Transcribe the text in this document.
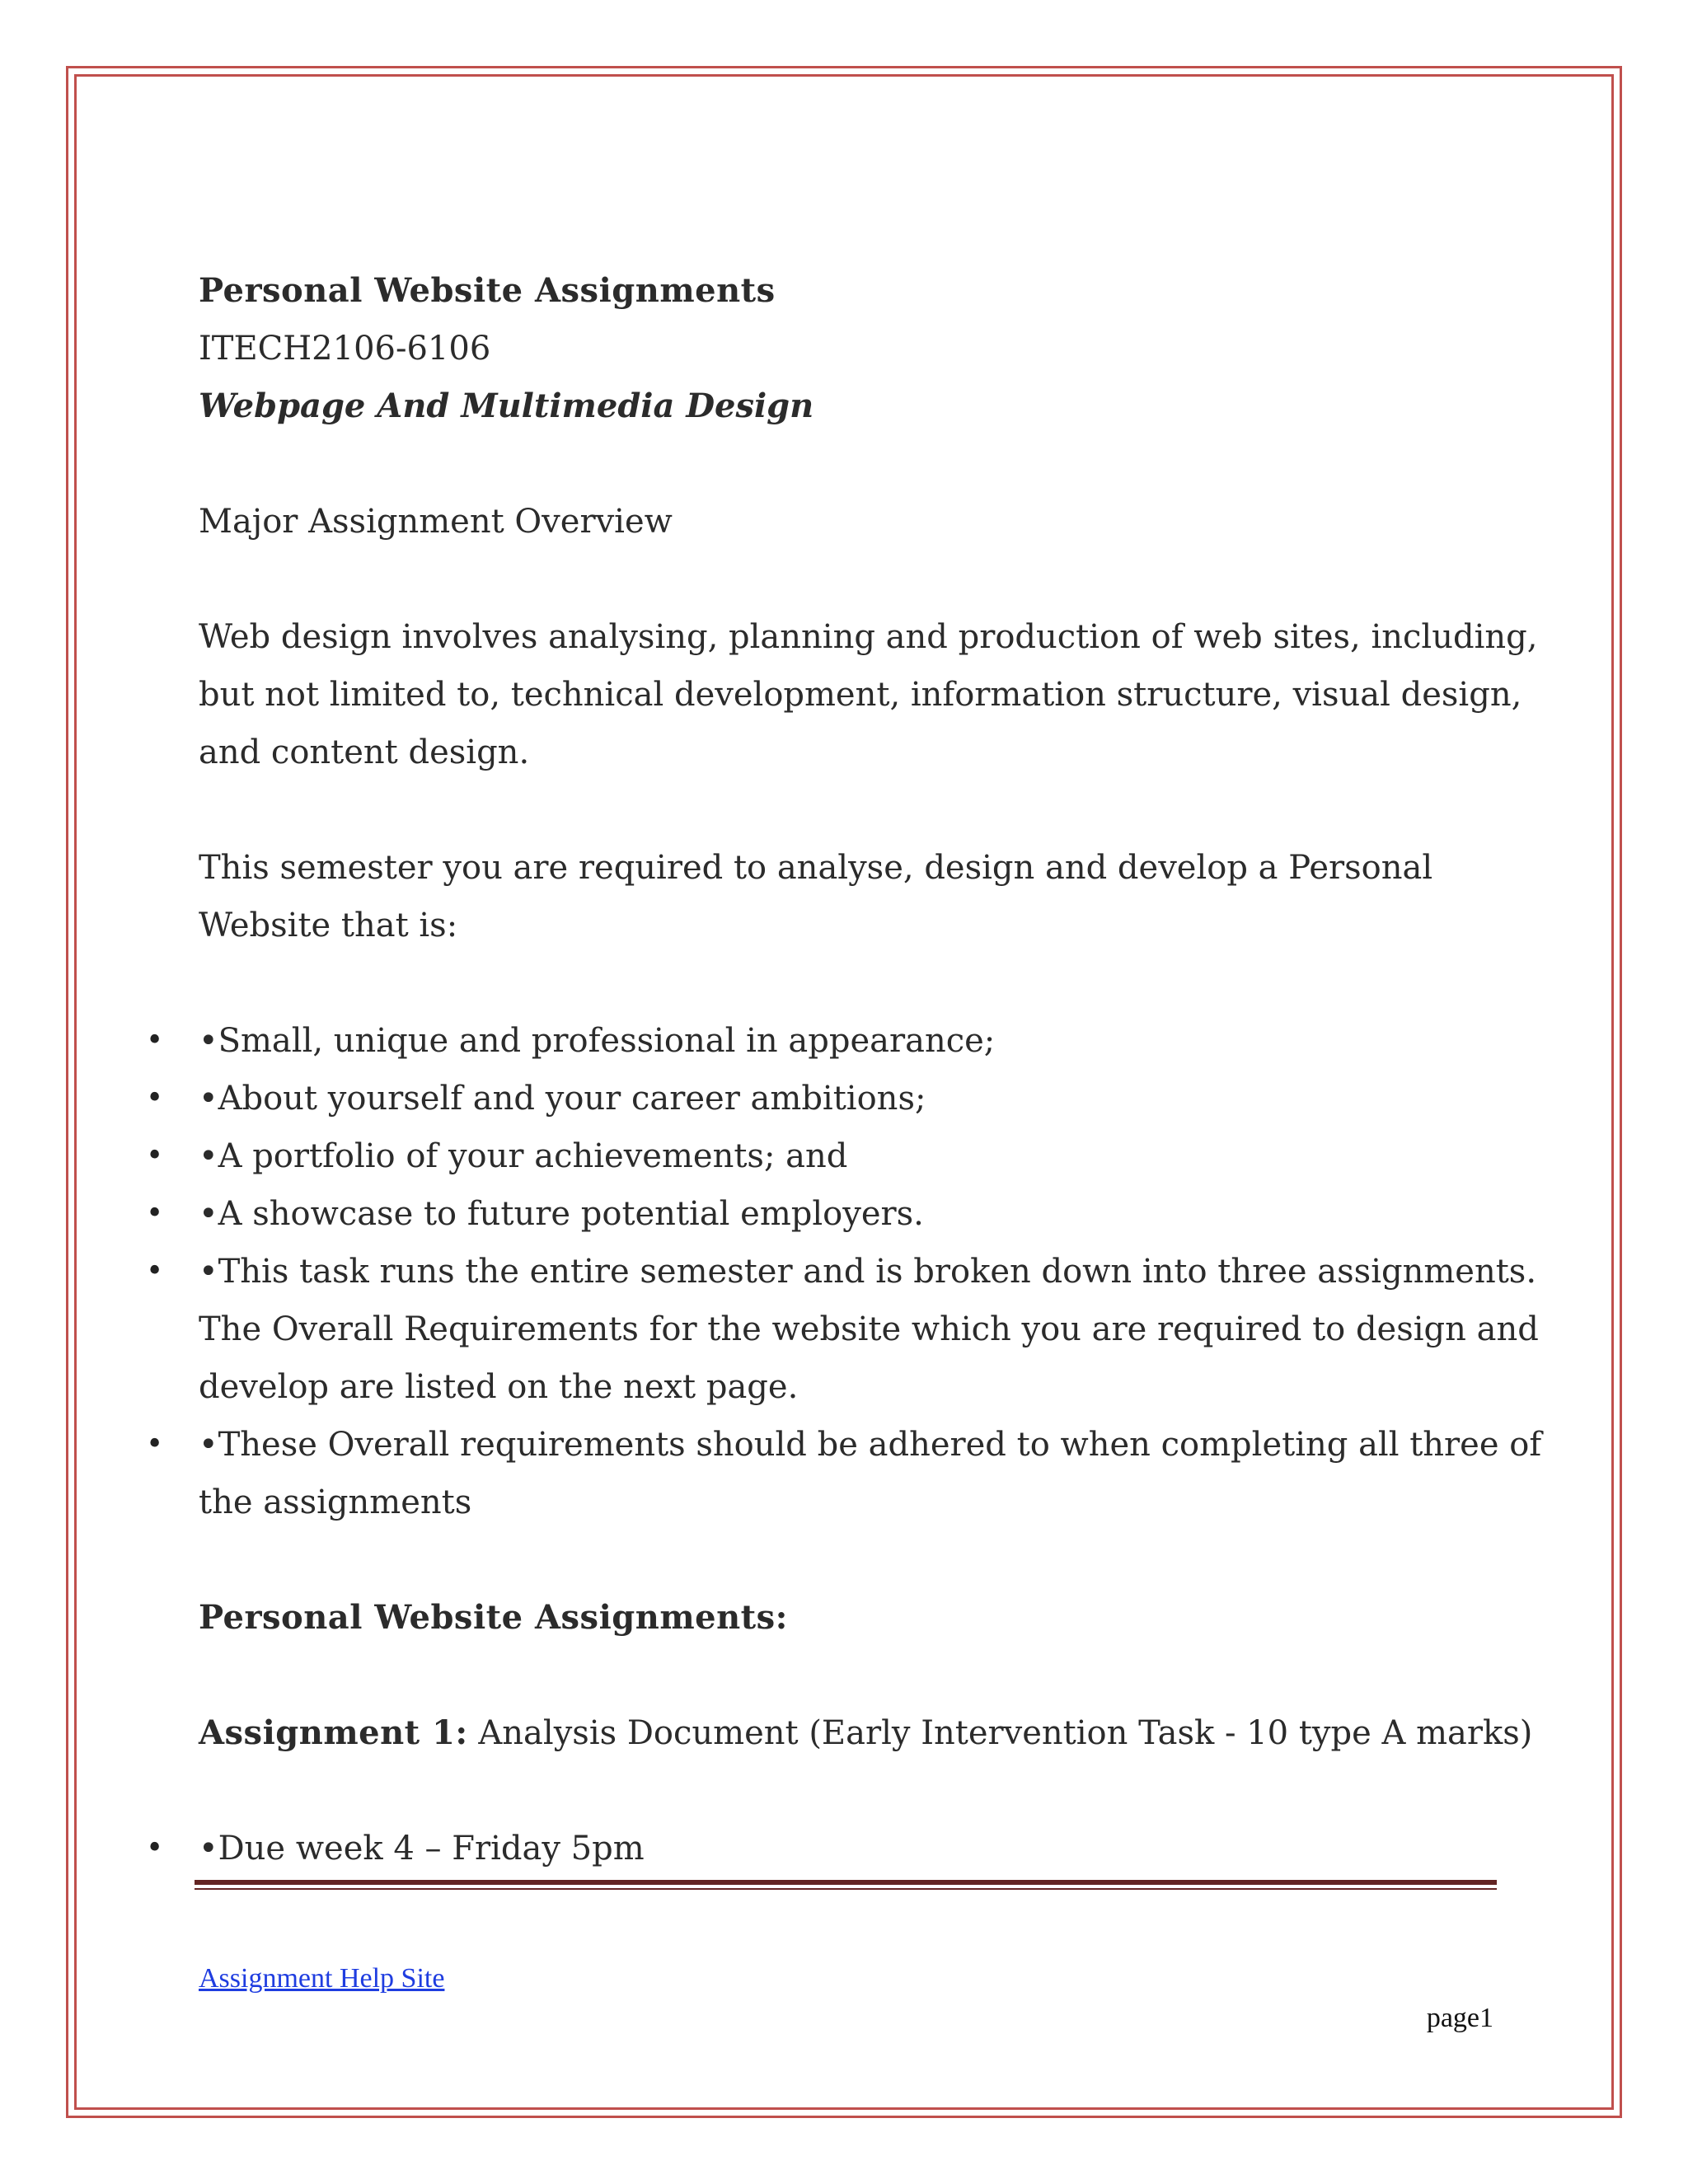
Personal Website Assignments
ITECH2106-6106
Webpage And Multimedia Design
Major Assignment Overview
Web design involves analysing, planning and production of web sites, including,
but not limited to, technical development, information structure, visual design,
and content design.
This semester you are required to analyse, design and develop a Personal
Website that is:
•Small, unique and professional in appearance;
•About yourself and your career ambitions;
•A portfolio of your achievements; and
•A showcase to future potential employers.
•This task runs the entire semester and is broken down into three assignments.
The Overall Requirements for the website which you are required to design and
develop are listed on the next page.
•These Overall requirements should be adhered to when completing all three of
the assignments
Personal Website Assignments:
Assignment 1: Analysis Document (Early Intervention Task - 10 type A marks)
•Due week 4 – Friday 5pm
•
•
•
•
•
•
•
Assignment Help Site
page1
